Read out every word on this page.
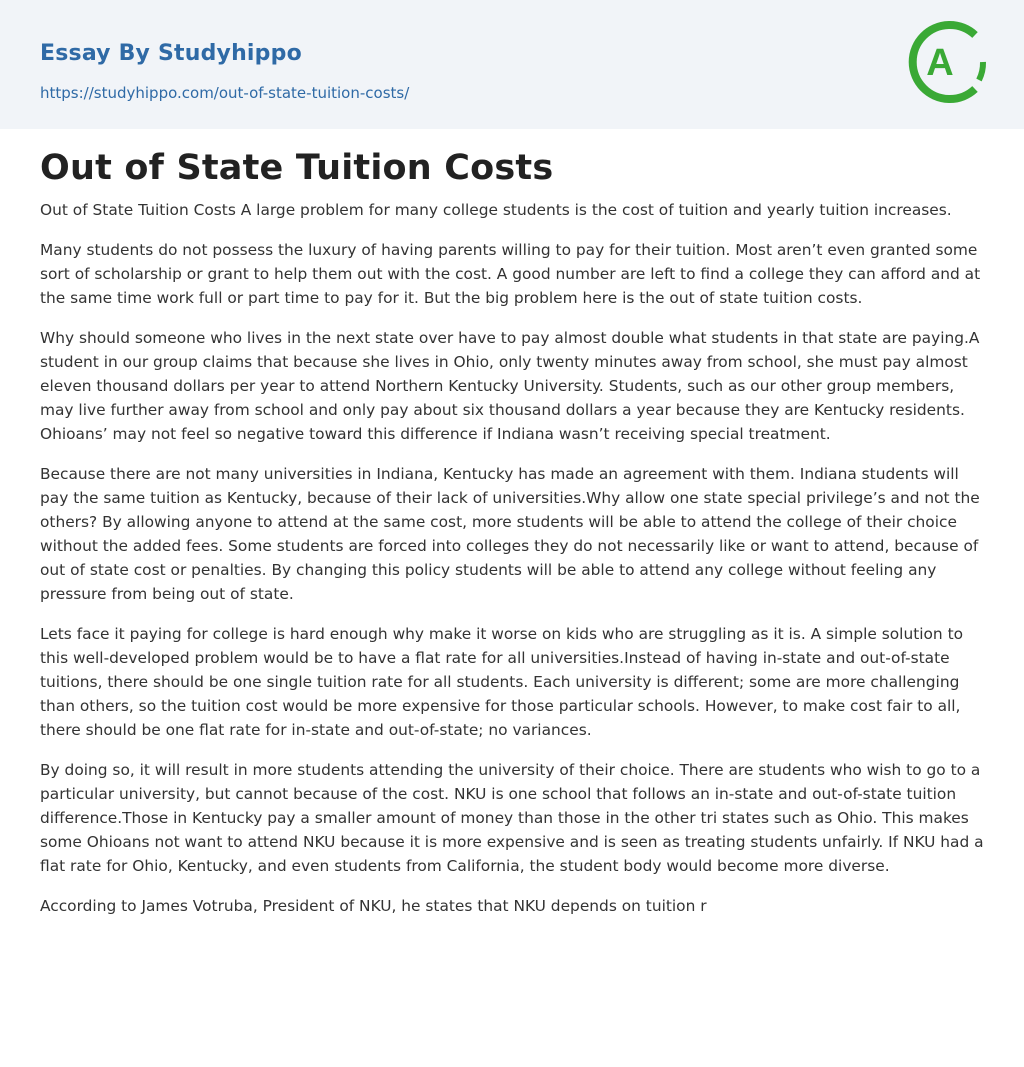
Essay By Studyhippo
https://studyhippo.com/out-of-state-tuition-costs/
A
Out of State Tuition Costs

Out of State Tuition Costs A large problem for many college students is the cost of tuition and yearly tuition increases.

Many students do not possess the luxury of having parents willing to pay for their tuition. Most aren’t even granted some sort of scholarship or grant to help them out with the cost. A good number are left to find a college they can afford and at the same time work full or part time to pay for it. But the big problem here is the out of state tuition costs.

Why should someone who lives in the next state over have to pay almost double what students in that state are paying.A student in our group claims that because she lives in Ohio, only twenty minutes away from school, she must pay almost eleven thousand dollars per year to attend Northern Kentucky University. Students, such as our other group members, may live further away from school and only pay about six thousand dollars a year because they are Kentucky residents. Ohioans’ may not feel so negative toward this difference if Indiana wasn’t receiving special treatment.

Because there are not many universities in Indiana, Kentucky has made an agreement with them. Indiana students will pay the same tuition as Kentucky, because of their lack of universities.Why allow one state special privilege’s and not the others? By allowing anyone to attend at the same cost, more students will be able to attend the college of their choice without the added fees. Some students are forced into colleges they do not necessarily like or want to attend, because of out of state cost or penalties. By changing this policy students will be able to attend any college without feeling any pressure from being out of state.

Lets face it paying for college is hard enough why make it worse on kids who are struggling as it is. A simple solution to this well-developed problem would be to have a flat rate for all universities.Instead of having in-state and out-of-state tuitions, there should be one single tuition rate for all students. Each university is different; some are more challenging than others, so the tuition cost would be more expensive for those particular schools. However, to make cost fair to all, there should be one flat rate for in-state and out-of-state; no variances.

By doing so, it will result in more students attending the university of their choice. There are students who wish to go to a particular university, but cannot because of the cost. NKU is one school that follows an in-state and out-of-state tuition difference.Those in Kentucky pay a smaller amount of money than those in the other tri states such as Ohio. This makes some Ohioans not want to attend NKU because it is more expensive and is seen as treating students unfairly. If NKU had a flat rate for Ohio, Kentucky, and even students from California, the student body would become more diverse.

According to James Votruba, President of NKU, he states that NKU depends on tuition r
